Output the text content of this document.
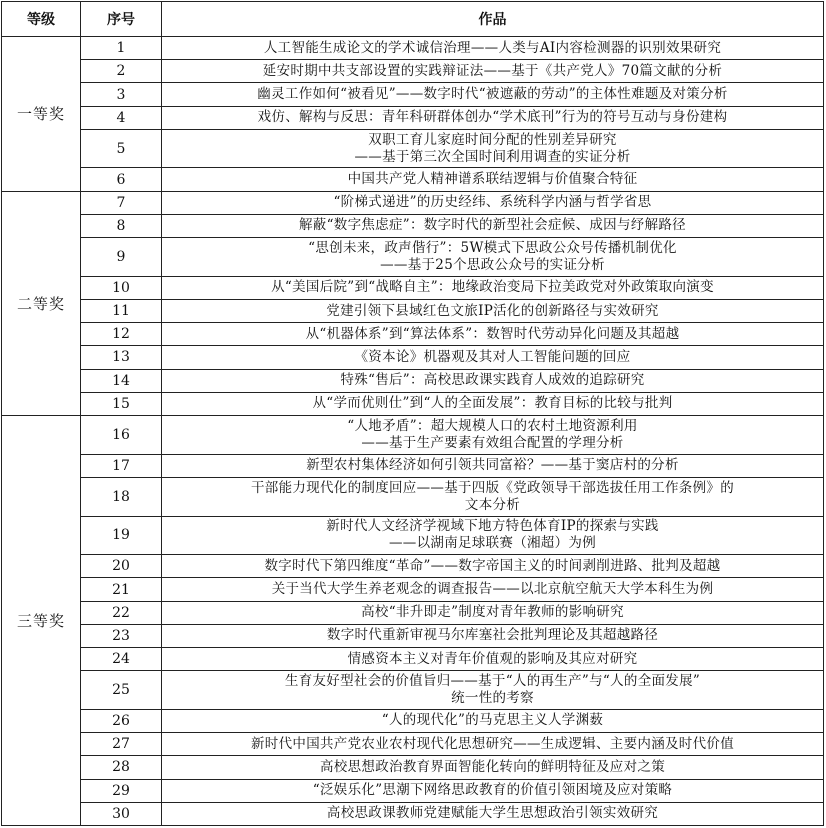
等级	序号	作品
一等奖	1	人工智能生成论文的学术诚信治理——人类与AI内容检测器的识别效果研究

	2	延安时期中共支部设置的实践辩证法——基于《共产党人》70篇文献的分析

	3	幽灵工作如何“被看见”——数字时代“被遮蔽的劳动”的主体性难题及对策分析

	4	戏仿、解构与反思：青年科研群体创办“学术底刊”行为的符号互动与身份建构

	5	双职工育儿家庭时间分配的性别差异研究
——基于第三次全国时间利用调查的实证分析

	6	中国共产党人精神谱系联结逻辑与价值聚合特征

二等奖	7	“阶梯式递进”的历史经纬、系统科学内涵与哲学省思

	8	解蔽“数字焦虑症”：数字时代的新型社会症候、成因与纾解路径

	9	“思创未来，政声偕行”：5W模式下思政公众号传播机制优化
——基于25个思政公众号的实证分析

	10	从“美国后院”到“战略自主”：地缘政治变局下拉美政党对外政策取向演变

	11	党建引领下县域红色文旅IP活化的创新路径与实效研究

	12	从“机器体系”到“算法体系”：数智时代劳动异化问题及其超越

	13	《资本论》机器观及其对人工智能问题的回应

	14	特殊“售后”：高校思政课实践育人成效的追踪研究

	15	从“学而优则仕”到“人的全面发展”：教育目标的比较与批判

三等奖	16	“人地矛盾”：超大规模人口的农村土地资源利用
——基于生产要素有效组合配置的学理分析

	17	新型农村集体经济如何引领共同富裕？——基于窦店村的分析

	18	干部能力现代化的制度回应——基于四版《党政领导干部选拔任用工作条例》的
文本分析

	19	新时代人文经济学视域下地方特色体育IP的探索与实践
——以湖南足球联赛（湘超）为例

	20	数字时代下第四维度“革命”——数字帝国主义的时间剥削进路、批判及超越

	21	关于当代大学生养老观念的调查报告——以北京航空航天大学本科生为例

	22	高校“非升即走”制度对青年教师的影响研究

	23	数字时代重新审视马尔库塞社会批判理论及其超越路径

	24	情感资本主义对青年价值观的影响及其应对研究

	25	生育友好型社会的价值旨归——基于“人的再生产”与“人的全面发展”
统一性的考察

	26	“人的现代化”的马克思主义人学渊薮

	27	新时代中国共产党农业农村现代化思想研究——生成逻辑、主要内涵及时代价值

	28	高校思想政治教育界面智能化转向的鲜明特征及应对之策

	29	“泛娱乐化”思潮下网络思政教育的价值引领困境及应对策略

	30	高校思政课教师党建赋能大学生思想政治引领实效研究
